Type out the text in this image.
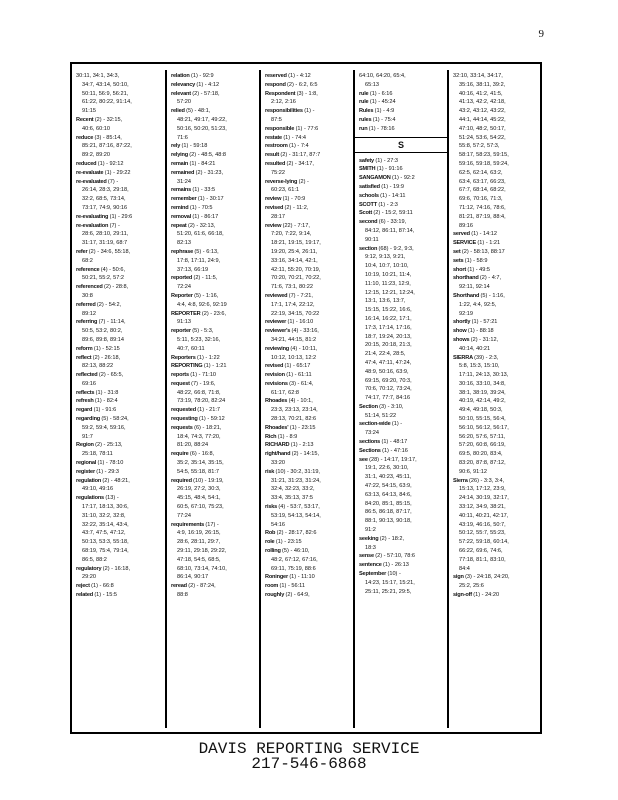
9
30:11, 34:1, 34:3,
34:7, 43:14, 50:10,
50:11, 56:9, 56:21,
61:22, 80:22, 91:14,
91:15
Recent (2) - 32:15,
40:6, 60:10
reduce (3) - 85:14,
85:21, 87:16, 87:22,
89:2, 89:20
reduced (1) - 92:12
re-evaluate (1) - 29:22
re-evaluated (7) -
26:14, 28:3, 29:18,
32:2, 68:5, 73:14,
73:17, 74:9, 90:16
re-evaluating (1) - 29:6
re-evaluation (7) -
28:6, 28:10, 29:11,
31:17, 31:19, 68:7
refer (2) - 34:6, 55:18,
68:2
reference (4) - 50:6,
50:21, 55:2, 57:2
referenced (2) - 28:8,
30:8
referred (2) - 54:2,
89:12
referring (7) - 11:14,
50:5, 53:2, 80:2,
89:6, 89:8, 89:14
reform (1) - 52:15
reflect (2) - 26:18,
82:13, 88:22
reflected (2) - 65:5,
69:16
reflects (1) - 31:8
refresh (1) - 82:4
regard (1) - 91:6
regarding (5) - 58:24,
59:2, 59:4, 59:16,
91:7
Region (2) - 25:13,
25:18, 78:11
regional (1) - 78:10
register (1) - 29:3
regulation (2) - 48:21,
49:10, 49:16
regulations (13) -
17:17, 18:13, 30:6,
31:10, 32:2, 32:8,
32:22, 35:14, 43:4,
43:7, 47:5, 47:12,
50:13, 53:3, 55:18,
68:19, 75:4, 79:14,
86:5, 88:2
regulatory (2) - 16:18,
29:20
reject (1) - 66:8
related (1) - 15:5
relation (1) - 92:9
relevancy (1) - 4:12
relevant (2) - 57:18,
57:20
relied (5) - 48:1,
48:21, 49:17, 49:22,
50:16, 50:20, 51:23,
71:6
rely (1) - 59:18
relying (2) - 48:5, 48:8
remain (1) - 84:21
remained (2) - 31:23,
31:24
remains (1) - 33:5
remember (1) - 30:17
remind (1) - 70:5
removal (1) - 86:17
repeat (2) - 32:13,
51:20, 61:6, 66:18,
82:13
rephrase (5) - 6:13,
17:8, 17:11, 24:9,
37:13, 66:19
reported (2) - 11:5,
72:24
Reporter (5) - 1:16,
4:4, 4:8, 92:6, 92:19
REPORTER (2) - 23:6,
91:13
reporter (5) - 5:3,
5:11, 5:23, 32:16,
40:7, 60:11
Reporters (1) - 1:22
REPORTING (1) - 1:21
reports (1) - 71:10
request (7) - 19:6,
48:22, 66:8, 71:8,
73:19, 78:20, 82:24
requested (1) - 21:7
requesting (1) - 59:12
requests (6) - 18:21,
18:4, 74:3, 77:20,
81:20, 88:24
require (6) - 16:8,
35:2, 35:14, 35:15,
54:5, 55:18, 81:7
required (10) - 19:19,
26:19, 27:2, 30:3,
45:15, 48:4, 54:1,
60:5, 67:10, 75:23,
77:24
requirements (17) -
4:9, 16:19, 26:15,
28:6, 28:11, 29:7,
29:11, 29:18, 29:22,
47:18, 54:5, 68:5,
68:10, 73:14, 74:10,
86:14, 90:17
reread (2) - 87:24,
88:8
reserved (1) - 4:12
respond (2) - 6:2, 6:5
Respondent (3) - 1:8,
2:12, 2:16
responsibilities (1) -
87:5
responsible (1) - 77:6
restate (1) - 74:4
restroom (1) - 7:4
result (2) - 31:17, 87:7
resulted (2) - 34:17,
75:22
reverse-lying (2) -
60:23, 61:1
review (1) - 70:9
revised (2) - 11:2,
28:17
review (22) - 7:17,
7:20, 7:22, 9:14,
18:21, 19:15, 19:17,
19:20, 25:4, 26:11,
33:16, 34:14, 42:1,
42:11, 55:20, 70:19,
70:20, 70:21, 70:22,
71:6, 73:1, 80:22
reviewed (7) - 7:21,
17:1, 17:4, 22:12,
22:19, 34:15, 70:22
reviewer (1) - 16:10
reviewer's (4) - 33:16,
34:21, 44:15, 81:2
reviewing (4) - 10:11,
10:12, 10:13, 12:2
revised (1) - 65:17
revision (1) - 61:11
revisions (3) - 61:4,
61:17, 62:8
Rhoades (4) - 10:1,
23:3, 23:13, 23:14,
28:13, 70:21, 82:6
Rhoades' (1) - 23:15
Rich (1) - 8:9
RICHARD (1) - 2:13
right/hand (2) - 14:15,
33:20
risk (10) - 30:2, 31:19,
31:21, 31:23, 31:24,
32:4, 32:23, 33:2,
33:4, 35:13, 37:5
risks (4) - 53:7, 53:17,
53:19, 54:13, 54:14,
54:16
Rob (2) - 28:17, 82:6
role (1) - 23:15
rolling (5) - 46:10,
48:2, 67:12, 67:16,
69:11, 75:19, 88:6
Roninger (1) - 11:10
room (1) - 56:11
roughly (2) - 64:9,
64:10, 64:20, 65:4,
65:13
rule (1) - 6:16
rule (1) - 45:24
Rules (1) - 4:9
rules (1) - 75:4
run (1) - 78:16
S
safety (1) - 27:3
SMITH (1) - 91:16
SANGAMON (1) - 92:2
satisfied (1) - 19:9
schools (1) - 14:11
SCOTT (1) - 2:3
Scott (2) - 15:2, 59:11
second (6) - 33:19,
84:12, 86:11, 87:14,
90:11
section (68) - 9:2, 9:3,
9:12, 9:13, 9:21,
10:4, 10:7, 10:10,
10:19, 10:21, 11:4,
11:10, 11:23, 12:9,
12:15, 12:21, 12:24,
13:1, 13:6, 13:7,
15:15, 15:22, 16:6,
16:14, 16:22, 17:1,
17:3, 17:14, 17:16,
18:7, 19:24, 20:13,
20:15, 20:18, 21:3,
21:4, 22:4, 28:5,
47:4, 47:11, 47:24,
48:9, 50:16, 63:9,
69:15, 69:20, 70:3,
70:6, 70:12, 73:24,
74:17, 77:7, 84:16
Section (3) - 3:10,
51:14, 51:22
section-wide (1) -
73:24
sections (1) - 48:17
Sections (1) - 47:16
see (28) - 14:17, 19:17,
19:1, 22:6, 30:10,
31:1, 40:23, 45:11,
47:22, 54:15, 63:9,
63:13, 64:13, 84:6,
84:20, 85:1, 85:15,
86:5, 86:18, 87:17,
88:1, 90:13, 90:18,
91:2
seeking (2) - 18:2,
18:3
sense (2) - 57:10, 78:6
sentence (1) - 26:13
September (10) -
14:23, 15:17, 15:21,
25:11, 25:21, 29:5,
32:10, 33:14, 34:17,
35:16, 38:11, 39:2,
40:16, 41:2, 41:5,
41:13, 42:2, 42:18,
43:2, 43:12, 43:22,
44:1, 44:14, 45:22,
47:10, 48:2, 50:17,
51:24, 53:6, 54:22,
55:8, 57:2, 57:3,
58:17, 58:23, 59:15,
59:16, 59:18, 59:24,
62:5, 62:14, 63:2,
63:4, 63:17, 66:23,
67:7, 68:14, 68:22,
69:6, 70:16, 71:3,
71:12, 74:16, 78:6,
81:21, 87:19, 88:4,
89:16
served (1) - 14:12
SERVICE (1) - 1:21
set (2) - 58:13, 88:17
sets (1) - 58:9
short (1) - 49:5
shorthand (2) - 4:7,
92:11, 92:14
Shorthand (5) - 1:16,
1:22, 4:4, 92:5,
92:19
shortly (1) - 57:21
show (1) - 88:18
shows (2) - 31:12,
40:14, 40:21
SIERRA (39) - 2:3,
5:8, 15:3, 15:10,
17:11, 24:13, 30:13,
30:16, 33:10, 34:8,
38:1, 38:19, 39:24,
40:19, 42:14, 49:2,
49:4, 49:18, 50:3,
50:10, 55:15, 56:4,
56:10, 56:12, 56:17,
56:20, 57:6, 57:11,
57:20, 60:8, 66:19,
69:5, 80:20, 83:4,
83:20, 87:8, 87:12,
90:6, 91:12
Sierra (26) - 3:3, 3:4,
15:13, 17:12, 23:9,
24:14, 30:19, 32:17,
33:12, 34:9, 38:21,
40:11, 40:21, 42:17,
43:19, 46:16, 50:7,
50:12, 55:7, 55:23,
57:22, 59:18, 60:14,
66:22, 69:6, 74:6,
77:18, 81:1, 83:10,
84:4
sign (3) - 24:18, 24:20,
25:2, 25:6
sign-off (1) - 24:20
DAVIS REPORTING SERVICE
217-546-6868
